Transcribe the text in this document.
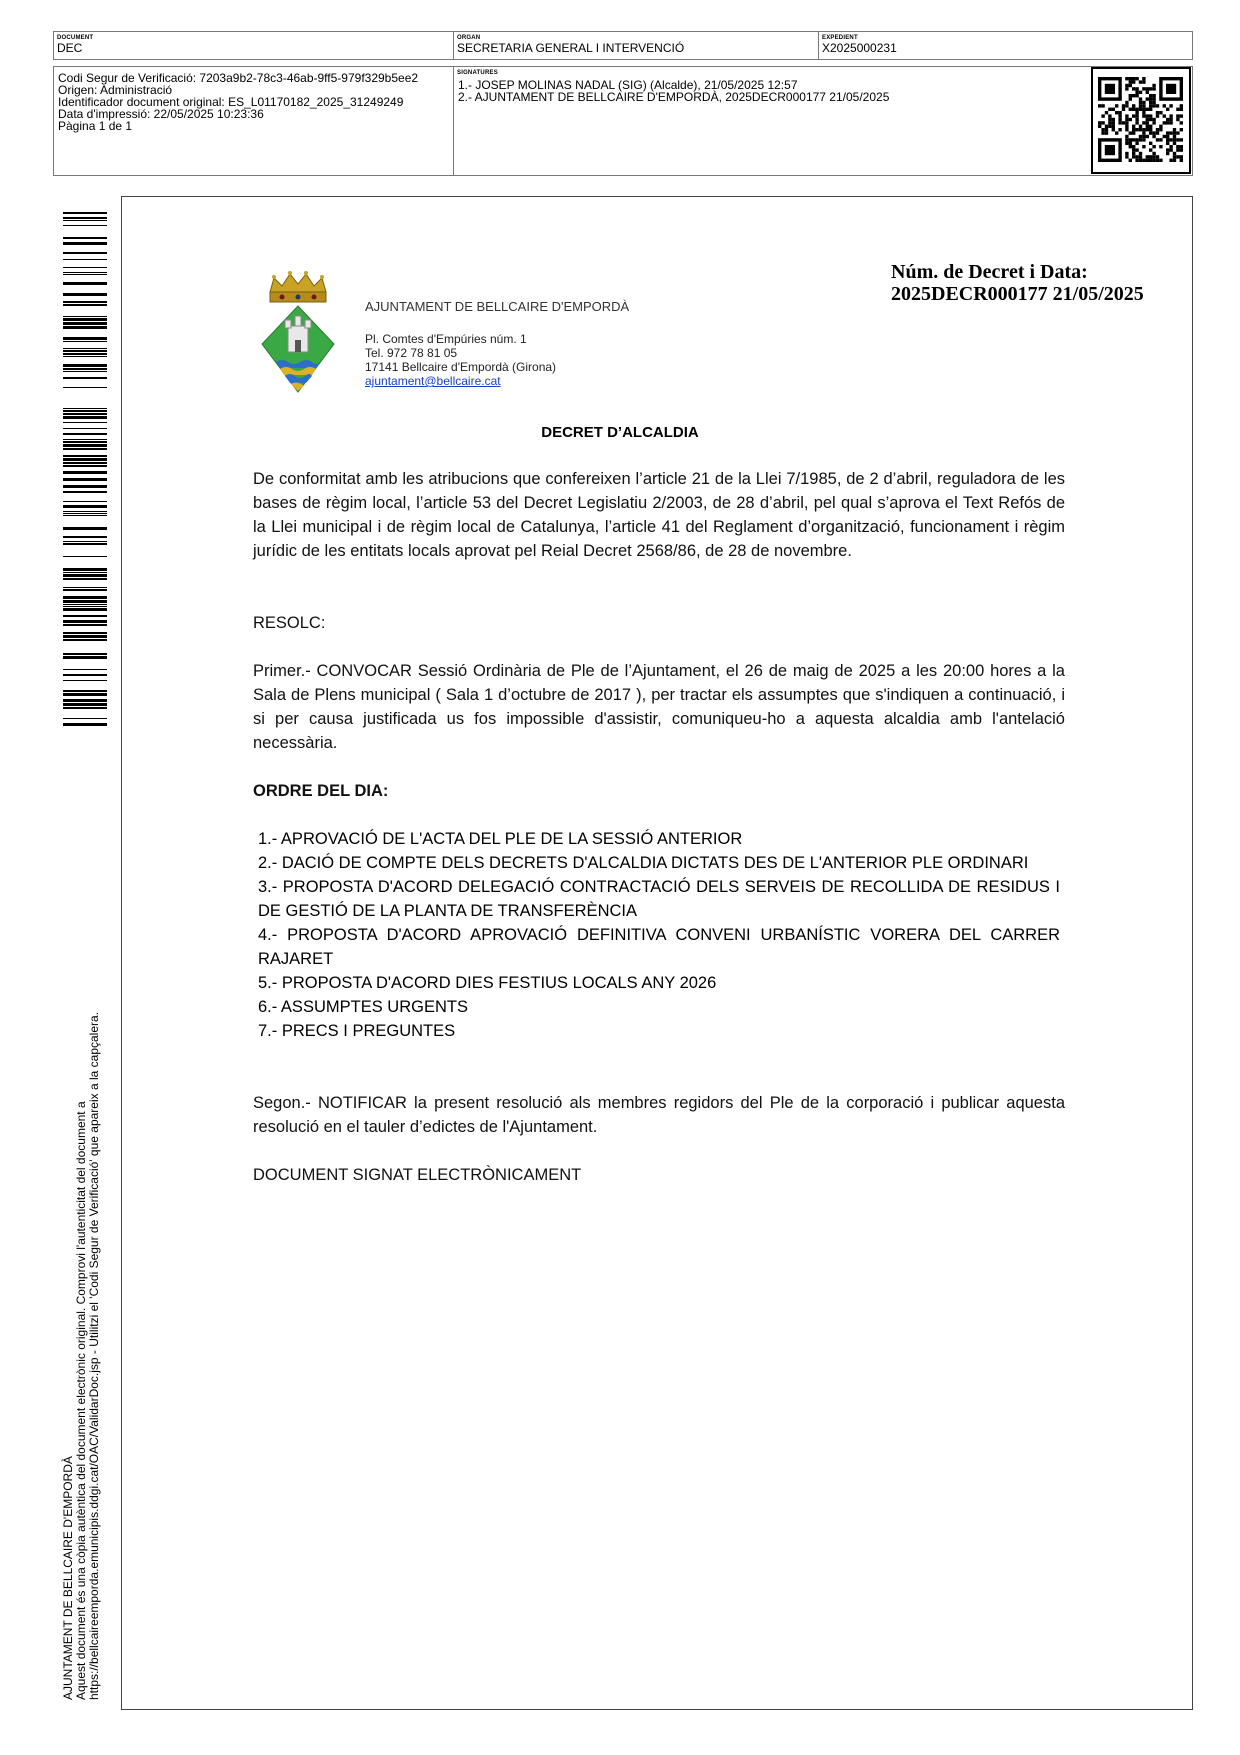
DOCUMENT
DEC
ORGAN
SECRETARIA GENERAL I INTERVENCIÓ
EXPEDIENT
X2025000231
Codi Segur de Verificació: 7203a9b2-78c3-46ab-9ff5-979f329b5ee2
Origen: Administració
Identificador document original: ES_L01170182_2025_31249249
Data d'impressió: 22/05/2025 10:23:36
Pàgina 1 de 1
SIGNATURES
1.- JOSEP MOLINAS NADAL (SIG) (Alcalde), 21/05/2025 12:57
2.- AJUNTAMENT DE BELLCAIRE D'EMPORDÀ, 2025DECR000177 21/05/2025
AJUNTAMENT DE BELLCAIRE D'EMPORDÀ Aquest document és una còpia autèntica del document electrònic original. Comprovi l'autenticitat del document a https://bellcaireemporda.emunicipis.ddgi.cat/OAC/ValidarDoc.jsp - Utilitzi el 'Codi Segur de Verificació' que apareix a la capçalera.
Núm. de Decret i Data:
2025DECR000177 21/05/2025
AJUNTAMENT DE BELLCAIRE D'EMPORDÀ
Pl. Comtes d'Empúries núm. 1
Tel. 972 78 81 05
17141 Bellcaire d'Empordà (Girona)
ajuntament@bellcaire.cat
DECRET D’ALCALDIA
De conformitat amb les atribucions que confereixen l’article 21 de la Llei 7/1985, de 2 d’abril, reguladora de les bases de règim local, l’article 53 del Decret Legislatiu 2/2003, de 28 d’abril, pel qual s’aprova el Text Refós de la Llei municipal i de règim local de Catalunya, l’article 41 del Reglament d’organització, funcionament i règim jurídic de les entitats locals aprovat pel Reial Decret 2568/86, de 28 de novembre.
RESOLC:
Primer.- CONVOCAR Sessió Ordinària de Ple de l’Ajuntament, el 26 de maig de 2025 a les 20:00 hores a la Sala de Plens municipal ( Sala 1 d’octubre de 2017 ), per tractar els assumptes que s'indiquen a continuació, i si per causa justificada us fos impossible d'assistir, comuniqueu-ho a aquesta alcaldia amb l'antelació necessària.
ORDRE DEL DIA:
1.- APROVACIÓ DE L'ACTA DEL PLE DE LA SESSIÓ ANTERIOR
2.- DACIÓ DE COMPTE DELS DECRETS D'ALCALDIA DICTATS DES DE L'ANTERIOR PLE ORDINARI
3.- PROPOSTA D'ACORD DELEGACIÓ CONTRACTACIÓ DELS SERVEIS DE RECOLLIDA DE RESIDUS I DE GESTIÓ DE LA PLANTA DE TRANSFERÈNCIA
4.- PROPOSTA D'ACORD APROVACIÓ DEFINITIVA CONVENI URBANÍSTIC VORERA DEL CARRER RAJARET
5.- PROPOSTA D'ACORD DIES FESTIUS LOCALS ANY 2026
6.- ASSUMPTES URGENTS
7.- PRECS I PREGUNTES
Segon.- NOTIFICAR la present resolució als membres regidors del Ple de la corporació i publicar aquesta resolució en el tauler d’edictes de l'Ajuntament.
DOCUMENT SIGNAT ELECTRÒNICAMENT
